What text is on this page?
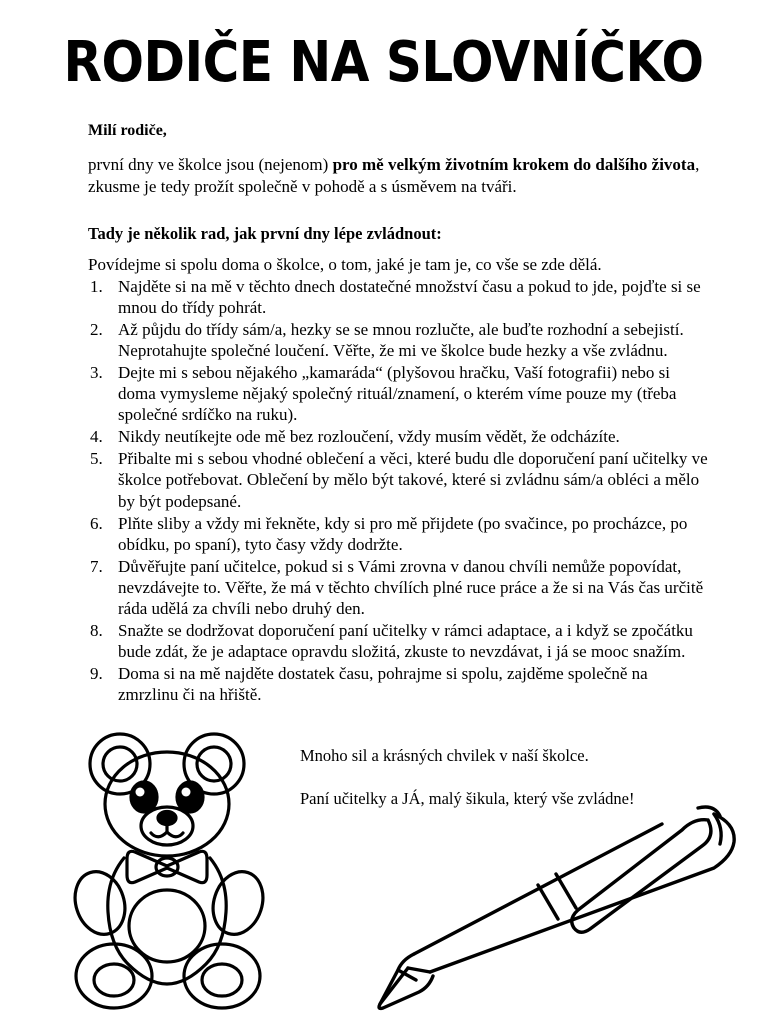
RODIČE NA SLOVNÍČKO

Milí rodiče,

první dny ve školce jsou (nejenom) pro mě velkým životním krokem do dalšího života, zkusme je tedy prožít společně v pohodě a s úsměvem na tváři.

Tady je několik rad, jak první dny lépe zvládnout:

Povídejme si spolu doma o školce, o tom, jaké je tam je, co vše se zde dělá.

1. Najděte si na mě v těchto dnech dostatečné množství času a pokud to jde, pojďte si se mnou do třídy pohrát.
2. Až půjdu do třídy sám/a, hezky se se mnou rozlučte, ale buďte rozhodní a sebejistí. Neprotahujte společné loučení. Věřte, že mi ve školce bude hezky a vše zvládnu.
3. Dejte mi s sebou nějakého „kamaráda“ (plyšovou hračku, Vaší fotografii) nebo si doma vymysleme nějaký společný rituál/znamení, o kterém víme pouze my (třeba společné srdíčko na ruku).
4. Nikdy neutíkejte ode mě bez rozloučení, vždy musím vědět, že odcházíte.
5. Přibalte mi s sebou vhodné oblečení a věci, které budu dle doporučení paní učitelky ve školce potřebovat. Oblečení by mělo být takové, které si zvládnu sám/a obléci a mělo by být podepsané.
6. Plňte sliby a vždy mi řekněte, kdy si pro mě přijdete (po svačince, po procházce, po obídku, po spaní), tyto časy vždy dodržte.
7. Důvěřujte paní učitelce, pokud si s Vámi zrovna v danou chvíli nemůže popovídat, nevzdávejte to. Věřte, že má v těchto chvílích plné ruce práce a že si na Vás čas určitě ráda udělá za chvíli nebo druhý den.
8. Snažte se dodržovat doporučení paní učitelky v rámci adaptace, a i když se zpočátku bude zdát, že je adaptace opravdu složitá, zkuste to nevzdávat, i já se mooc snažím.
9. Doma si na mě najděte dostatek času, pohrajme si spolu, zajděme společně na zmrzlinu či na hřiště.

Mnoho sil a krásných chvilek v naší školce.

Paní učitelky a JÁ, malý šikula, který vše zvládne!
